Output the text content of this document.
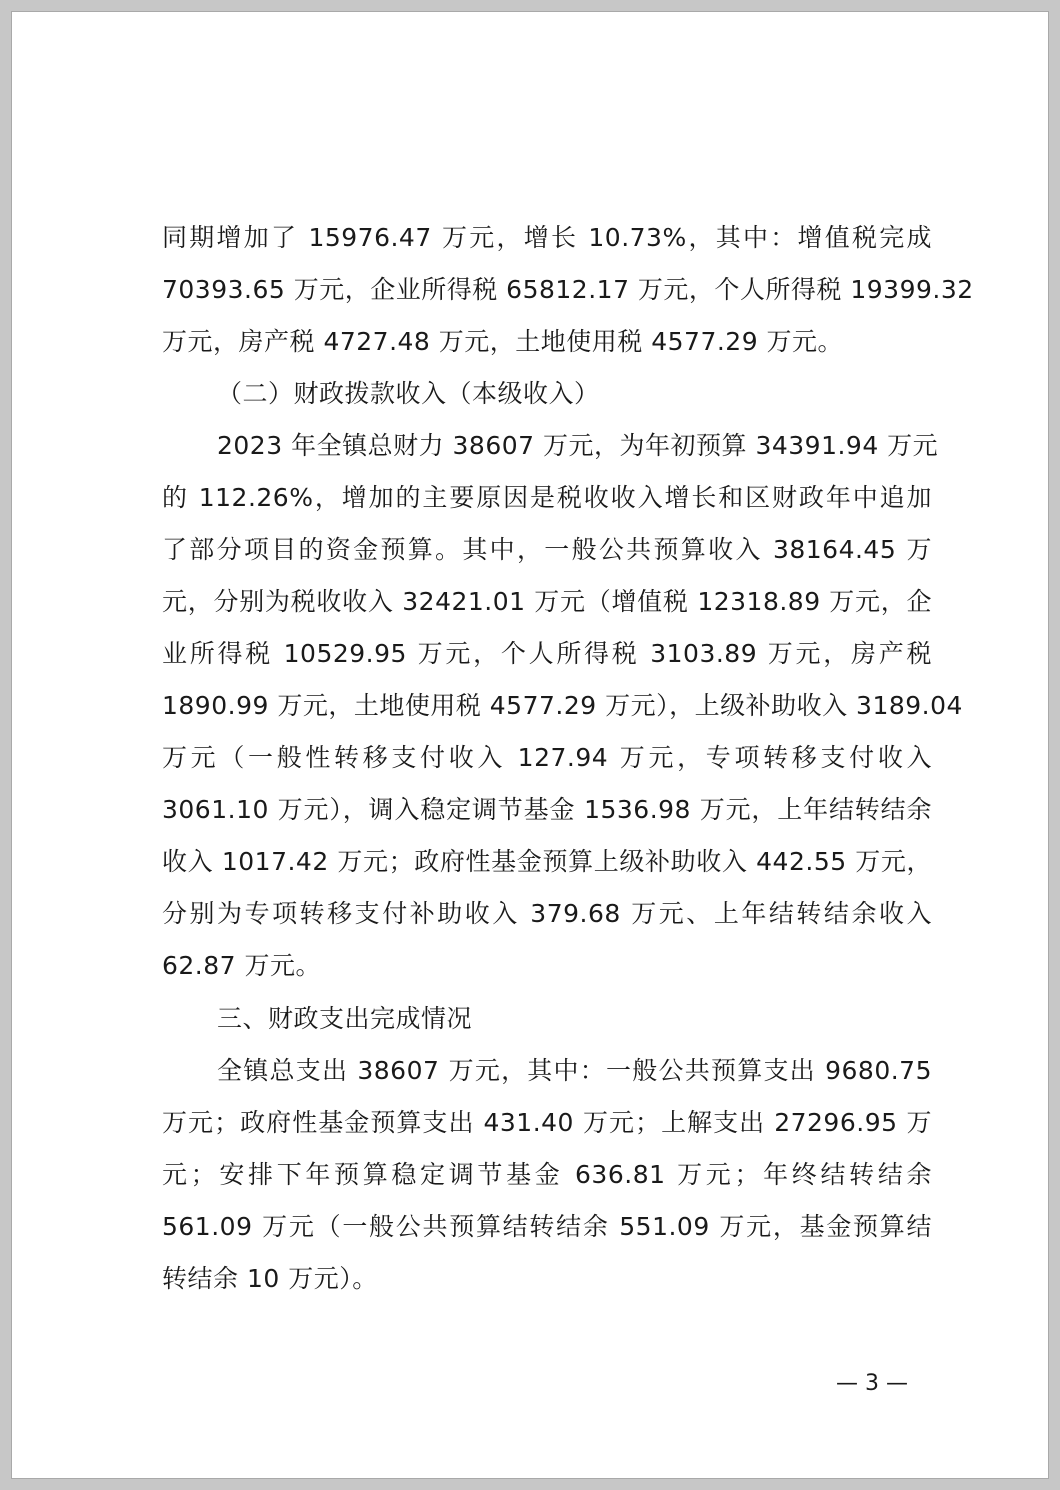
同期增加了 15976.47 万元，增长 10.73%，其中：增值税完成
70393.65 万元，企业所得税 65812.17 万元，个人所得税 19399.32
万元，房产税 4727.48 万元，土地使用税 4577.29 万元。
（二）财政拨款收入（本级收入）
2023 年全镇总财力 38607 万元，为年初预算 34391.94 万元
的 112.26%，增加的主要原因是税收收入增长和区财政年中追加
了部分项目的资金预算。其中，一般公共预算收入 38164.45 万
元，分别为税收收入 32421.01 万元（增值税 12318.89 万元，企
业所得税 10529.95 万元，个人所得税 3103.89 万元，房产税
1890.99 万元，土地使用税 4577.29 万元），上级补助收入 3189.04
万元（一般性转移支付收入 127.94 万元，专项转移支付收入
3061.10 万元），调入稳定调节基金 1536.98 万元，上年结转结余
收入 1017.42 万元；政府性基金预算上级补助收入 442.55 万元，
分别为专项转移支付补助收入 379.68 万元、上年结转结余收入
62.87 万元。
三、财政支出完成情况
全镇总支出 38607 万元，其中：一般公共预算支出 9680.75
万元；政府性基金预算支出 431.40 万元；上解支出 27296.95 万
元；安排下年预算稳定调节基金 636.81 万元；年终结转结余
561.09 万元（一般公共预算结转结余 551.09 万元，基金预算结
转结余 10 万元）。
— 3 —
